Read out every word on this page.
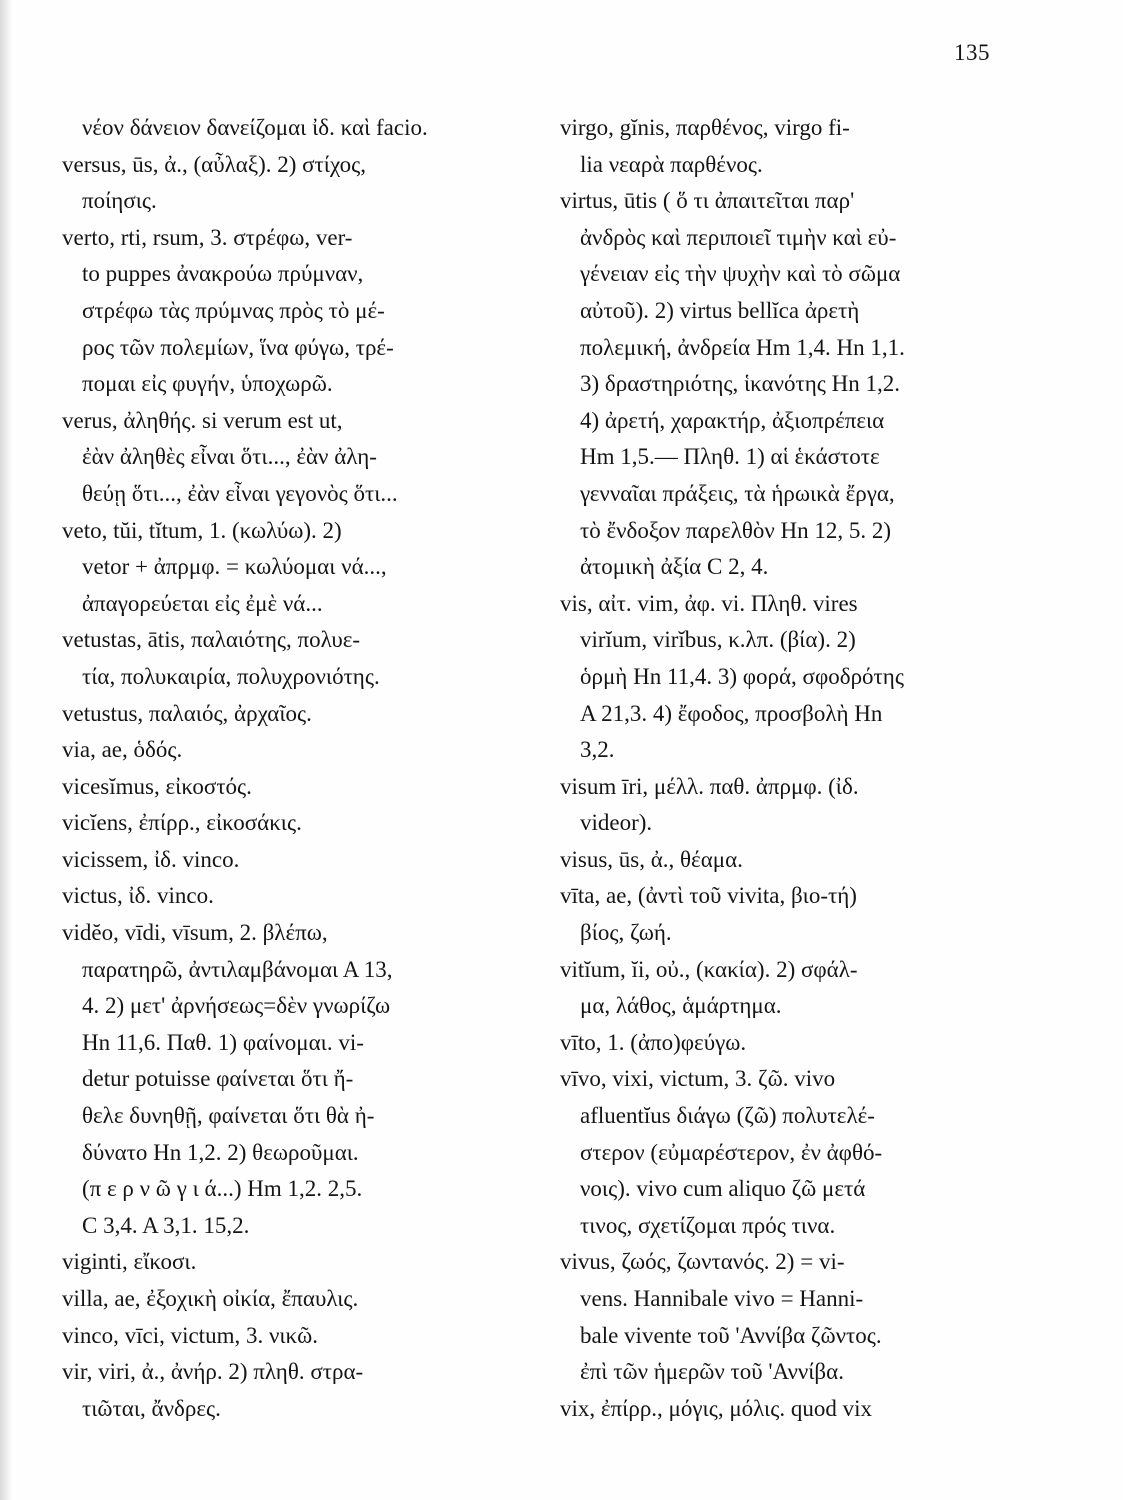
135
νέον δάνειον δανείζομαι ἰδ. καὶ facio.
versus, ūs, ἀ., (αὖλαξ). 2) στίχος,
ποίησις.
verto, rti, rsum, 3. στρέφω, ver-
to puppes ἀνακρούω πρύμναν,
στρέφω τὰς πρύμνας πρὸς τὸ μέ-
ρος τῶν πολεμίων, ἵνα φύγω, τρέ-
πομαι εἰς φυγήν, ὑποχωρῶ.
verus, ἀληθής. si verum est ut,
ἐὰν ἀληθὲς εἶναι ὅτι..., ἐὰν ἀλη-
θεύῃ ὅτι..., ἐὰν εἶναι γεγονὸς ὅτι...
veto, tŭi, tĭtum, 1. (κωλύω). 2)
vetor + ἀπρμφ. = κωλύομαι νά...,
ἀπαγορεύεται εἰς ἐμὲ νά...
vetustas, ātis, παλαιότης, πολυε-
τία, πολυκαιρία, πολυχρονιότης.
vetustus, παλαιός, ἀρχαῖος.
via, ae, ὁδός.
vicesĭmus, εἰκοστός.
vicĭens, ἐπίρρ., εἰκοσάκις.
vicissem, ἰδ. vinco.
victus, ἰδ. vinco.
vidĕo, vīdi, vīsum, 2. βλέπω,
παρατηρῶ, ἀντιλαμβάνομαι Α 13,
4. 2) μετ' ἀρνήσεως=δὲν γνωρίζω
Hn 11,6. Παθ. 1) φαίνομαι. vi-
detur potuisse φαίνεται ὅτι ἤ-
θελε δυνηθῇ, φαίνεται ὅτι θὰ ἠ-
δύνατο Hn 1,2. 2) θεωροῦμαι.
(π ε ρ ν ῶ γ ι ά...) Hm 1,2. 2,5.
C 3,4. A 3,1. 15,2.
viginti, εἴκοσι.
villa, ae, ἐξοχικὴ οἰκία, ἔπαυλις.
vinco, vīci, victum, 3. νικῶ.
vir, viri, ἀ., ἀνήρ. 2) πληθ. στρα-
τιῶται, ἄνδρες.
virgo, gĭnis, παρθένος, virgo fi-
lia νεαρὰ παρθένος.
virtus, ūtis ( ὅ τι ἀπαιτεῖται παρ'
ἀνδρὸς καὶ περιποιεῖ τιμὴν καὶ εὐ-
γένειαν εἰς τὴν ψυχὴν καὶ τὸ σῶμα
αὐτοῦ). 2) virtus bellĭca ἀρετὴ
πολεμική, ἀνδρεία Hm 1,4. Hn 1,1.
3) δραστηριότης, ἱκανότης Hn 1,2.
4) ἀρετή, χαρακτήρ, ἀξιοπρέπεια
Hm 1,5.— Πληθ. 1) αἱ ἑκάστοτε
γενναῖαι πράξεις, τὰ ἡρωικὰ ἔργα,
τὸ ἔνδοξον παρελθὸν Hn 12, 5. 2)
ἀτομικὴ ἀξία C 2, 4.
vis, αἰτ. vim, ἀφ. vi. Πληθ. vires
virĭum, virĭbus, κ.λπ. (βία). 2)
ὁρμὴ Hn 11,4. 3) φορά, σφοδρότης
A 21,3. 4) ἔφοδος, προσβολὴ Hn
3,2.
visum īri, μέλλ. παθ. ἀπρμφ. (ἰδ.
videor).
visus, ūs, ἀ., θέαμα.
vīta, ae, (ἀντὶ τοῦ vivita, βιο-τή)
βίος, ζωή.
vitĭum, ĭi, οὐ., (κακία). 2) σφάλ-
μα, λάθος, ἁμάρτημα.
vīto, 1. (ἀπο)φεύγω.
vīvo, vixi, victum, 3. ζῶ. vivo
afluentĭus διάγω (ζῶ) πολυτελέ-
στερον (εὐμαρέστερον, ἐν ἀφθό-
νοις). vivo cum aliquo ζῶ μετά
τινος, σχετίζομαι πρός τινα.
vivus, ζωός, ζωντανός. 2) = vi-
vens. Hannibale vivo = Hanni-
bale vivente τοῦ 'Αννίβα ζῶντος.
ἐπὶ τῶν ἡμερῶν τοῦ 'Αννίβα.
vix, ἐπίρρ., μόγις, μόλις. quod vix
